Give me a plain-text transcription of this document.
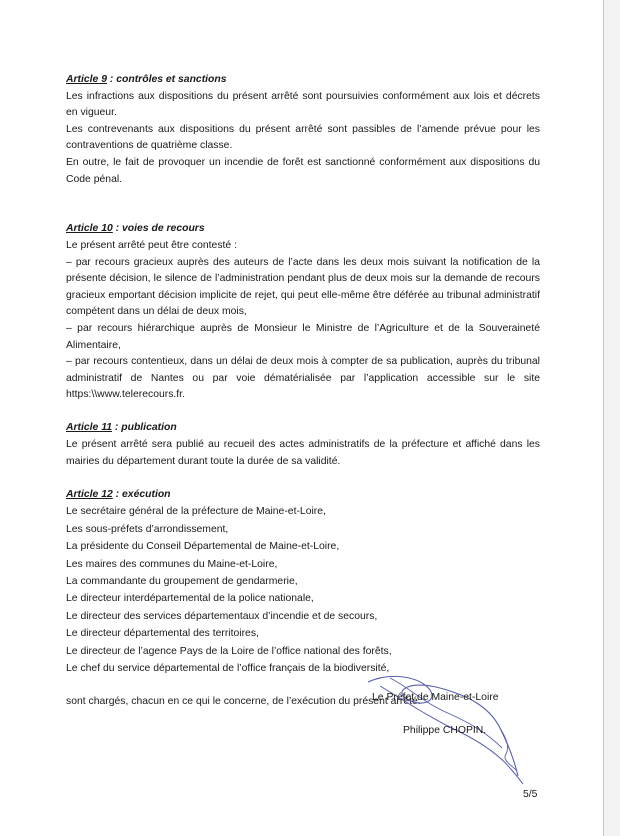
Article 9 : contrôles et sanctions

Les infractions aux dispositions du présent arrêté sont poursuivies conformément aux lois et décrets en vigueur.

Les contrevenants aux dispositions du présent arrêté sont passibles de l’amende prévue pour les contraventions de quatrième classe.

En outre, le fait de provoquer un incendie de forêt est sanctionné conformément aux dispositions du Code pénal.

Article 10 : voies de recours

Le présent arrêté peut être contesté :

– par recours gracieux auprès des auteurs de l’acte dans les deux mois suivant la notification de la présente décision, le silence de l’administration pendant plus de deux mois sur la demande de recours gracieux emportant décision implicite de rejet, qui peut elle-même être déférée au tribunal administratif compétent dans un délai de deux mois,

– par recours hiérarchique auprès de Monsieur le Ministre de l’Agriculture et de la Souveraineté Alimentaire,

– par recours contentieux, dans un délai de deux mois à compter de sa publication, auprès du tribunal administratif de Nantes ou par voie dématérialisée par l’application accessible sur le site https:\\www.telerecours.fr.

Article 11 : publication

Le présent arrêté sera publié au recueil des actes administratifs de la préfecture et affiché dans les mairies du département durant toute la durée de sa validité.

Article 12 : exécution

Le secrétaire général de la préfecture de Maine-et-Loire,
Les sous-préfets d’arrondissement,
La présidente du Conseil Départemental de Maine-et-Loire,
Les maires des communes du Maine-et-Loire,
La commandante du groupement de gendarmerie,
Le directeur interdépartemental de la police nationale,
Le directeur des services départementaux d’incendie et de secours,
Le directeur départemental des territoires,
Le directeur de l’agence Pays de la Loire de l’office national des forêts,
Le chef du service départemental de l’office français de la biodiversité,

sont chargés, chacun en ce qui le concerne, de l’exécution du présent arrêté.

Le Préfet de Maine-et-Loire
Philippe CHOPIN.
5/5
